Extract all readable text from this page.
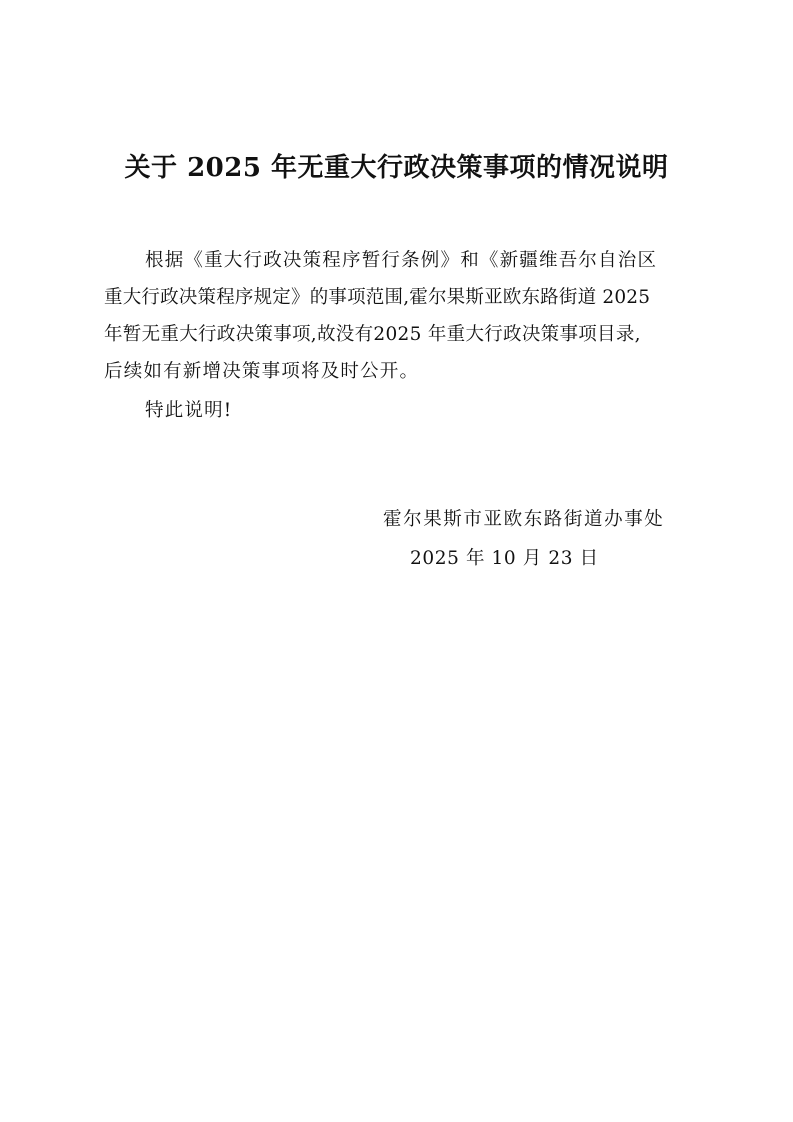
关于 2025 年无重大行政决策事项的情况说明
根据《重大行政决策程序暂行条例》和《新疆维吾尔自治区
重大行政决策程序规定》的事项范围,霍尔果斯亚欧东路街道 2025
年暂无重大行政决策事项,故没有2025 年重大行政决策事项目录,
后续如有新增决策事项将及时公开。
特此说明!
霍尔果斯市亚欧东路街道办事处
2025 年 10 月 23 日
